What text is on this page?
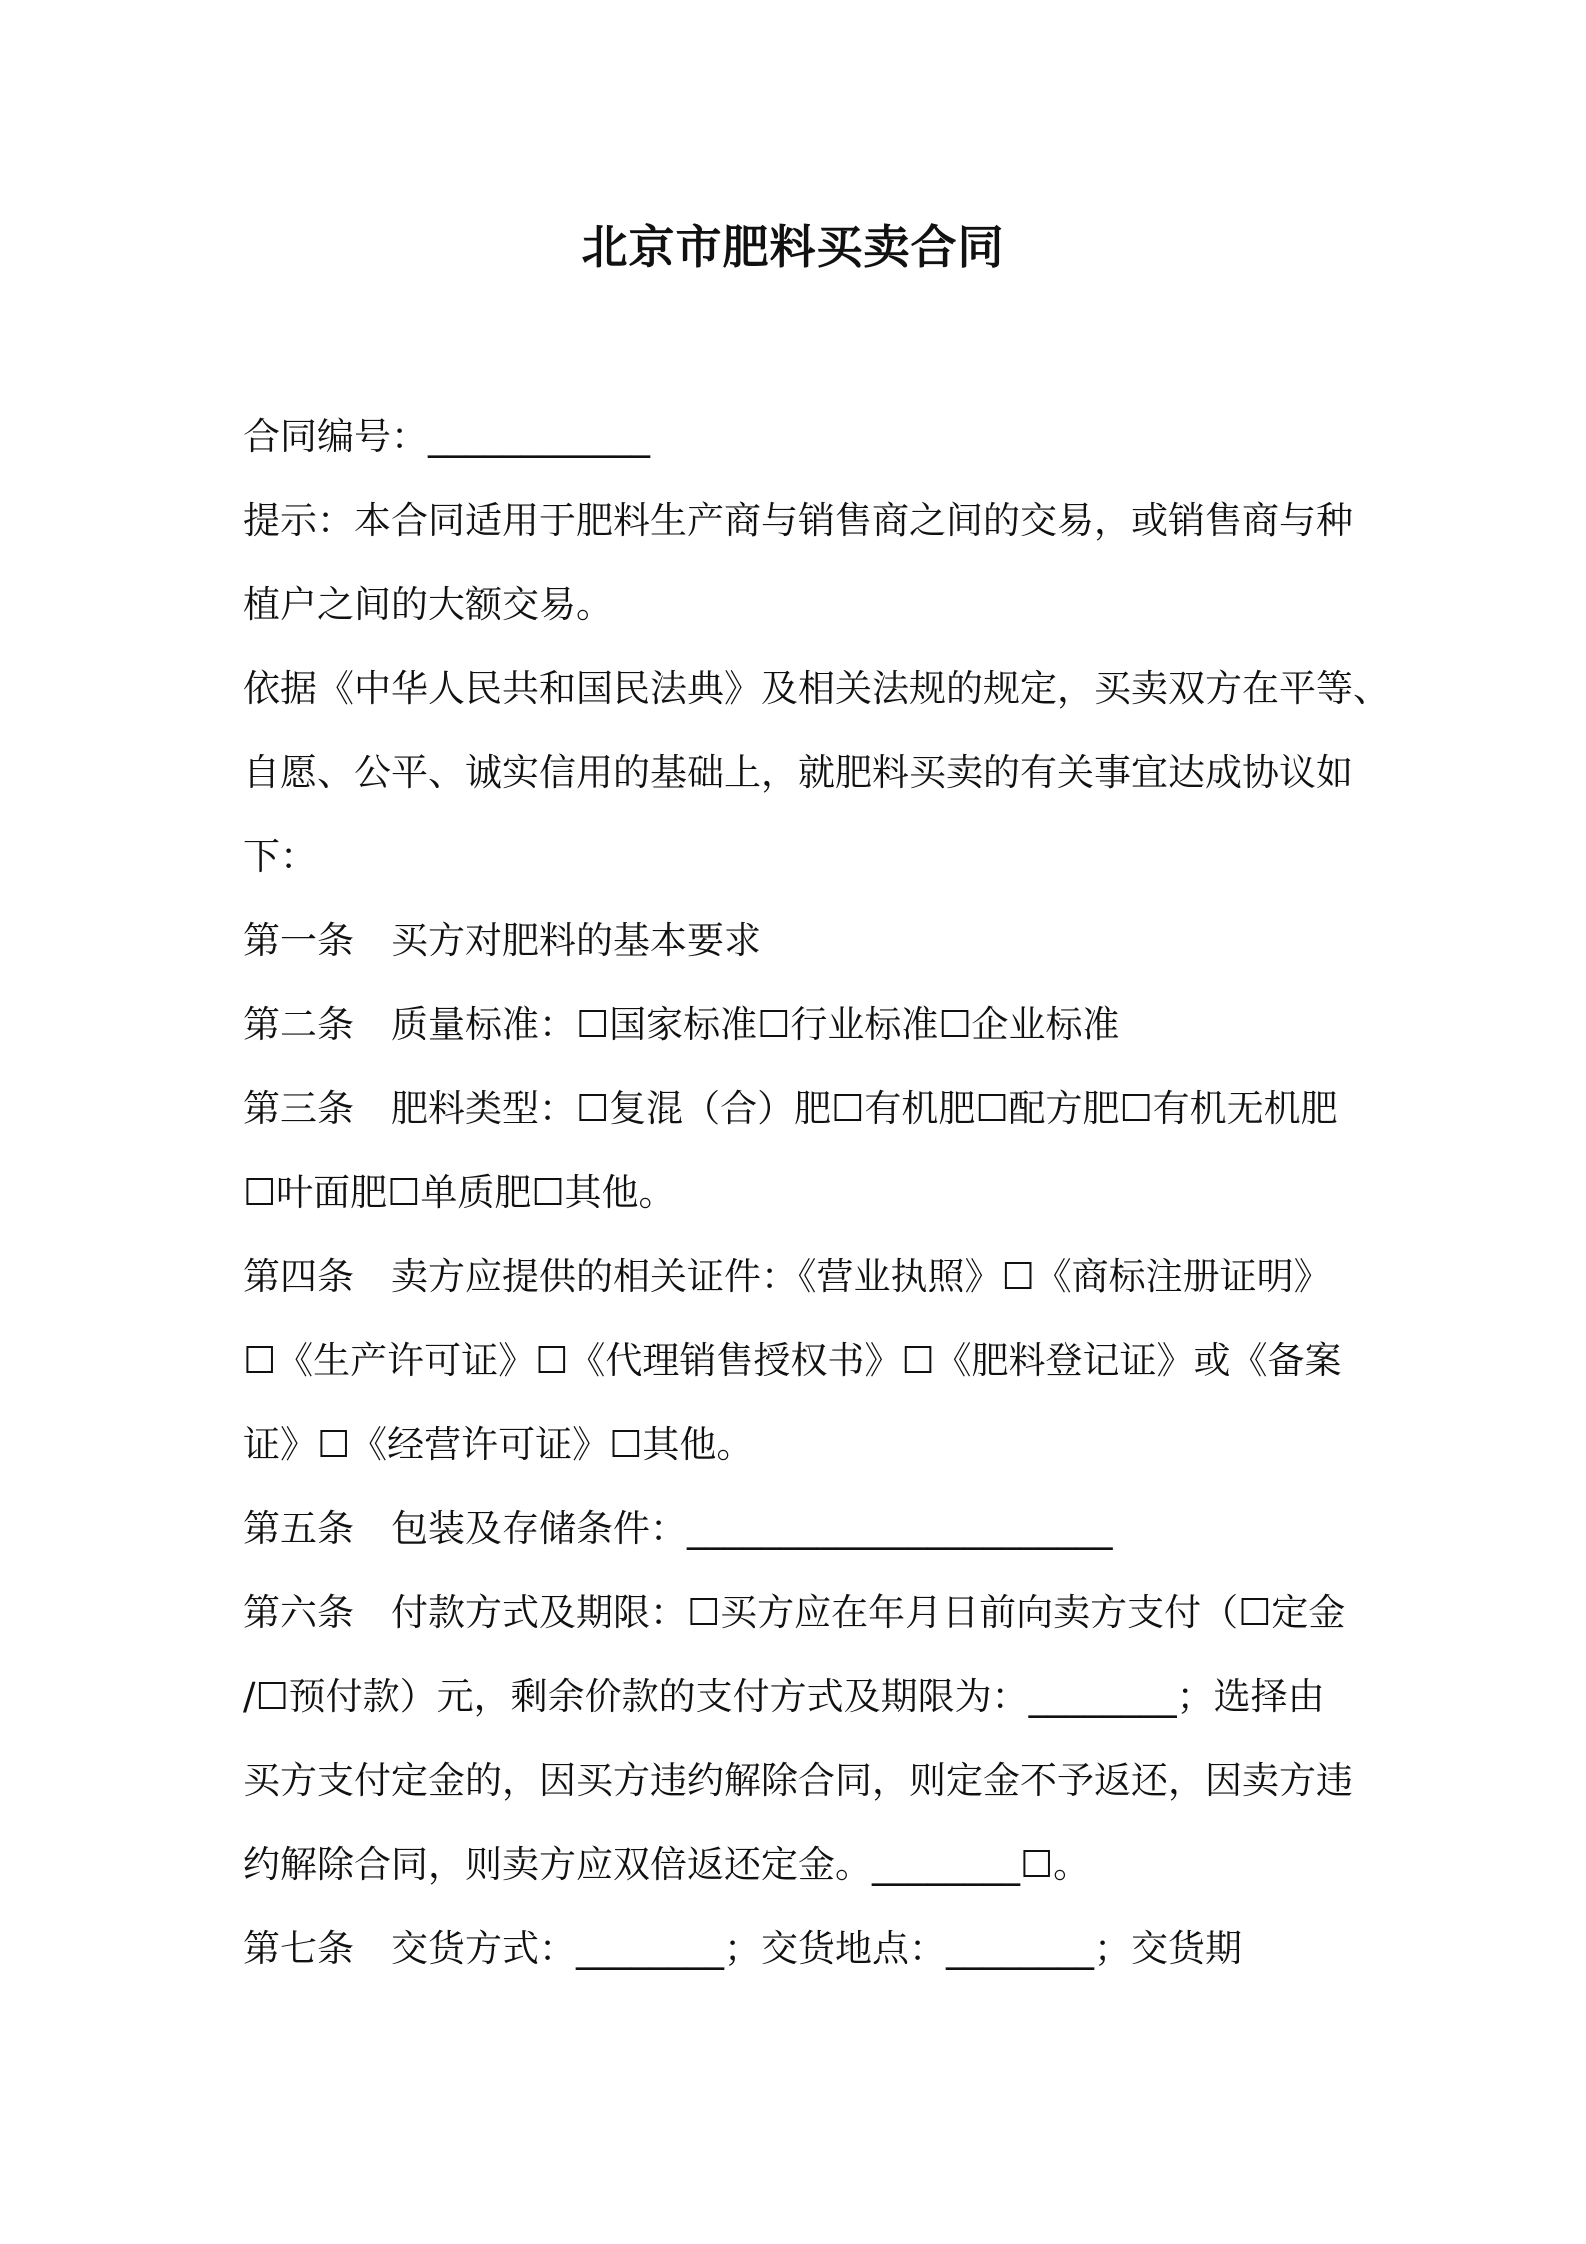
北京市肥料买卖合同
合同编号：____________
提示：本合同适用于肥料生产商与销售商之间的交易，或销售商与种
植户之间的大额交易。
依据《中华人民共和国民法典》及相关法规的规定，买卖双方在平等、
自愿、公平、诚实信用的基础上，就肥料买卖的有关事宜达成协议如
下：
第一条　买方对肥料的基本要求
第二条　质量标准：☐国家标准☐行业标准☐企业标准
第三条　肥料类型：☐复混（合）肥☐有机肥☐配方肥☐有机无机肥
☐叶面肥☐单质肥☐其他。
第四条　卖方应提供的相关证件：《营业执照》☐《商标注册证明》
☐《生产许可证》☐《代理销售授权书》☐《肥料登记证》或《备案
证》☐《经营许可证》☐其他。
第五条　包装及存储条件：_______________________
第六条　付款方式及期限：☐买方应在年月日前向卖方支付（☐定金
/☐预付款）元，剩余价款的支付方式及期限为：________；选择由
买方支付定金的，因买方违约解除合同，则定金不予返还，因卖方违
约解除合同，则卖方应双倍返还定金。________☐。
第七条　交货方式：________；交货地点：________；交货期
